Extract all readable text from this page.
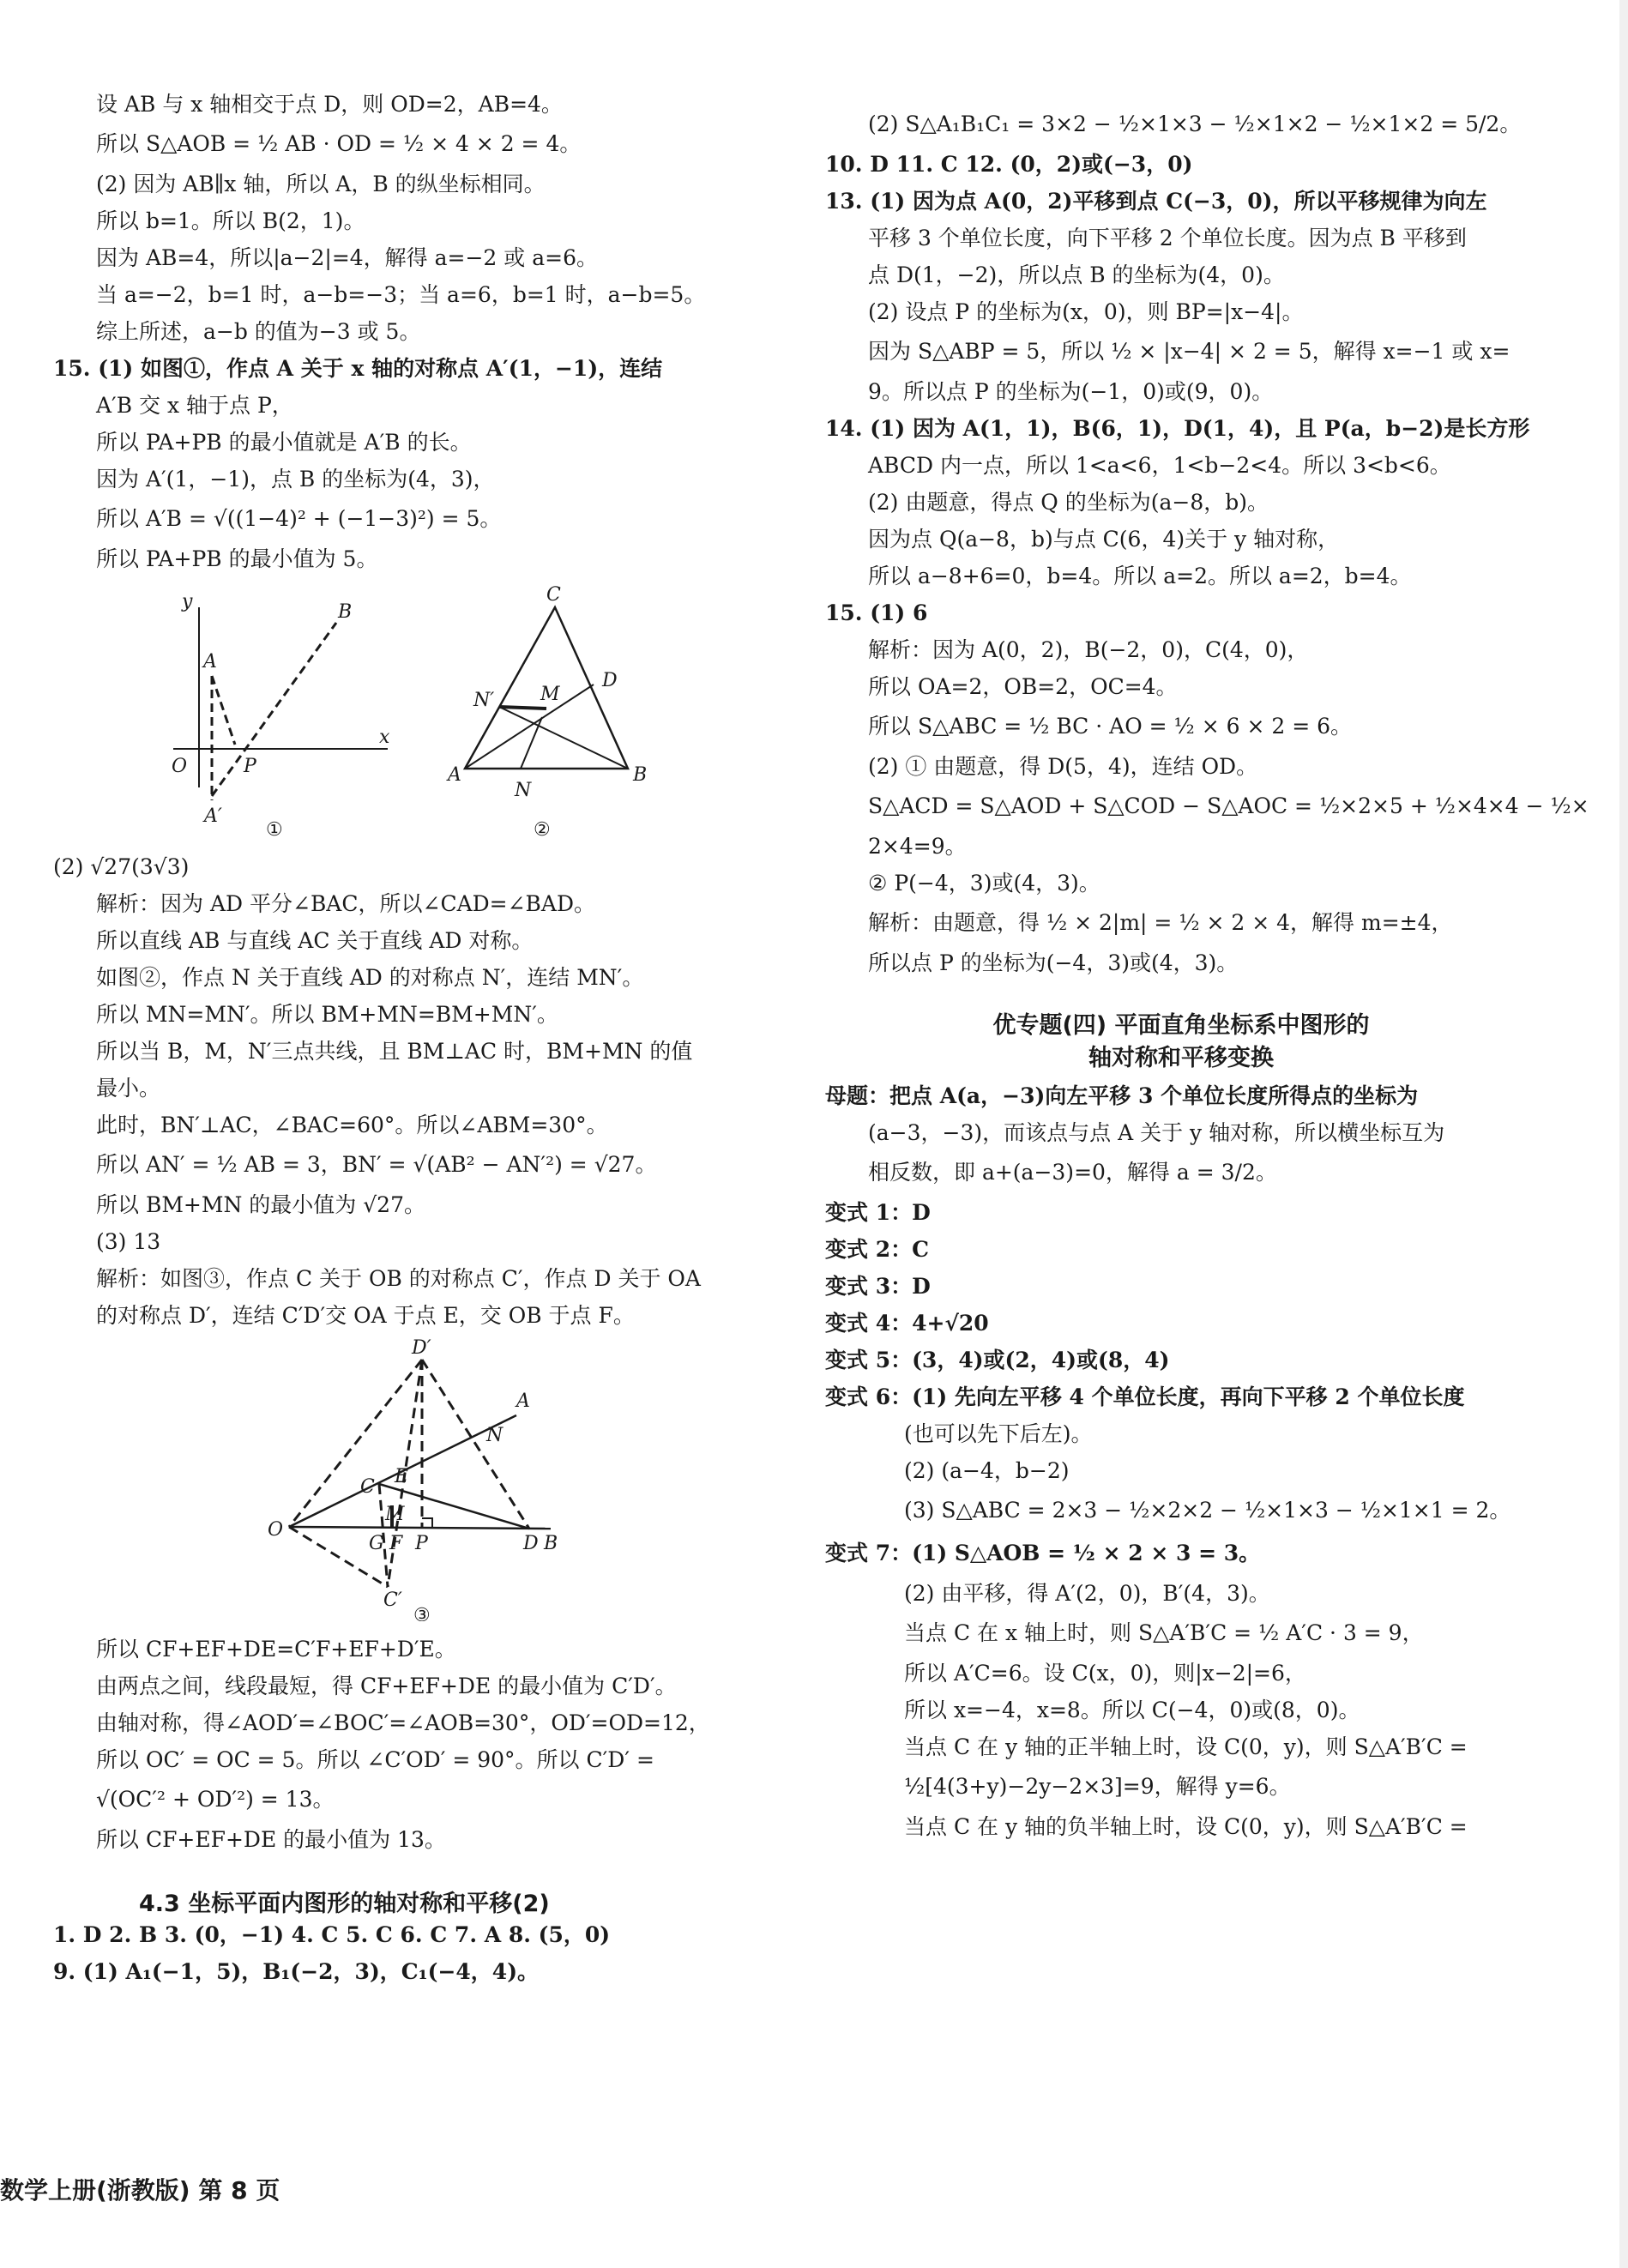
设 AB 与 x 轴相交于点 D，则 OD=2，AB=4。
所以 S△AOB = ½ AB · OD = ½ × 4 × 2 = 4。
(2) 因为 AB∥x 轴，所以 A，B 的纵坐标相同。
所以 b=1。所以 B(2，1)。
因为 AB=4，所以|a−2|=4，解得 a=−2 或 a=6。
当 a=−2，b=1 时，a−b=−3；当 a=6，b=1 时，a−b=5。
综上所述，a−b 的值为−3 或 5。
15. (1) 如图①，作点 A 关于 x 轴的对称点 A′(1，−1)，连结
A′B 交 x 轴于点 P，
所以 PA+PB 的最小值就是 A′B 的长。
因为 A′(1，−1)，点 B 的坐标为(4，3)，
所以 A′B = √((1−4)² + (−1−3)²) = 5。
所以 PA+PB 的最小值为 5。
y
x
O
A
B
P
A′
①
C
D
M
N′
A
N
B
②
(2) √27(3√3)
解析：因为 AD 平分∠BAC，所以∠CAD=∠BAD。
所以直线 AB 与直线 AC 关于直线 AD 对称。
如图②，作点 N 关于直线 AD 的对称点 N′，连结 MN′。
所以 MN=MN′。所以 BM+MN=BM+MN′。
所以当 B，M，N′三点共线，且 BM⊥AC 时，BM+MN 的值
最小。
此时，BN′⊥AC，∠BAC=60°。所以∠ABM=30°。
所以 AN′ = ½ AB = 3，BN′ = √(AB² − AN′²) = √27。
所以 BM+MN 的最小值为 √27。
(3) 13
解析：如图③，作点 C 关于 OB 的对称点 C′，作点 D 关于 OA
的对称点 D′，连结 C′D′交 OA 于点 E，交 OB 于点 F。
D′
A
N
E
C
M
O
G F P	D B
C′
③
所以 CF+EF+DE=C′F+EF+D′E。
由两点之间，线段最短，得 CF+EF+DE 的最小值为 C′D′。
由轴对称，得∠AOD′=∠BOC′=∠AOB=30°，OD′=OD=12，
所以 OC′ = OC = 5。所以 ∠C′OD′ = 90°。所以 C′D′ =
√(OC′² + OD′²) = 13。
所以 CF+EF+DE 的最小值为 13。
4.3 坐标平面内图形的轴对称和平移(2)
1. D 2. B 3. (0，−1) 4. C 5. C 6. C 7. A 8. (5，0)
9. (1) A₁(−1，5)，B₁(−2，3)，C₁(−4，4)。
(2) S△A₁B₁C₁ = 3×2 − ½×1×3 − ½×1×2 − ½×1×2 = 5/2。
10. D 11. C 12. (0，2)或(−3，0)
13. (1) 因为点 A(0，2)平移到点 C(−3，0)，所以平移规律为向左
平移 3 个单位长度，向下平移 2 个单位长度。因为点 B 平移到
点 D(1，−2)，所以点 B 的坐标为(4，0)。
(2) 设点 P 的坐标为(x，0)，则 BP=|x−4|。
因为 S△ABP = 5，所以 ½ × |x−4| × 2 = 5，解得 x=−1 或 x=
9。所以点 P 的坐标为(−1，0)或(9，0)。
14. (1) 因为 A(1，1)，B(6，1)，D(1，4)，且 P(a，b−2)是长方形
ABCD 内一点，所以 1<a<6，1<b−2<4。所以 3<b<6。
(2) 由题意，得点 Q 的坐标为(a−8，b)。
因为点 Q(a−8，b)与点 C(6，4)关于 y 轴对称，
所以 a−8+6=0，b=4。所以 a=2。所以 a=2，b=4。
15. (1) 6
解析：因为 A(0，2)，B(−2，0)，C(4，0)，
所以 OA=2，OB=2，OC=4。
所以 S△ABC = ½ BC · AO = ½ × 6 × 2 = 6。
(2) ① 由题意，得 D(5，4)，连结 OD。
S△ACD = S△AOD + S△COD − S△AOC = ½×2×5 + ½×4×4 − ½×
2×4=9。
② P(−4，3)或(4，3)。
解析：由题意，得 ½ × 2|m| = ½ × 2 × 4，解得 m=±4，
所以点 P 的坐标为(−4，3)或(4，3)。
优专题(四) 平面直角坐标系中图形的
轴对称和平移变换
母题：把点 A(a，−3)向左平移 3 个单位长度所得点的坐标为
(a−3，−3)，而该点与点 A 关于 y 轴对称，所以横坐标互为
相反数，即 a+(a−3)=0，解得 a = 3/2。
变式 1：D
变式 2：C
变式 3：D
变式 4：4+√20
变式 5：(3，4)或(2，4)或(8，4)
变式 6：(1) 先向左平移 4 个单位长度，再向下平移 2 个单位长度
(也可以先下后左)。
(2) (a−4，b−2)
(3) S△ABC = 2×3 − ½×2×2 − ½×1×3 − ½×1×1 = 2。
变式 7：(1) S△AOB = ½ × 2 × 3 = 3。
(2) 由平移，得 A′(2，0)，B′(4，3)。
当点 C 在 x 轴上时，则 S△A′B′C = ½ A′C · 3 = 9，
所以 A′C=6。设 C(x，0)，则|x−2|=6，
所以 x=−4，x=8。所以 C(−4，0)或(8，0)。
当点 C 在 y 轴的正半轴上时，设 C(0，y)，则 S△A′B′C =
½[4(3+y)−2y−2×3]=9，解得 y=6。
当点 C 在 y 轴的负半轴上时，设 C(0，y)，则 S△A′B′C =
数学上册(浙教版) 第 8 页
